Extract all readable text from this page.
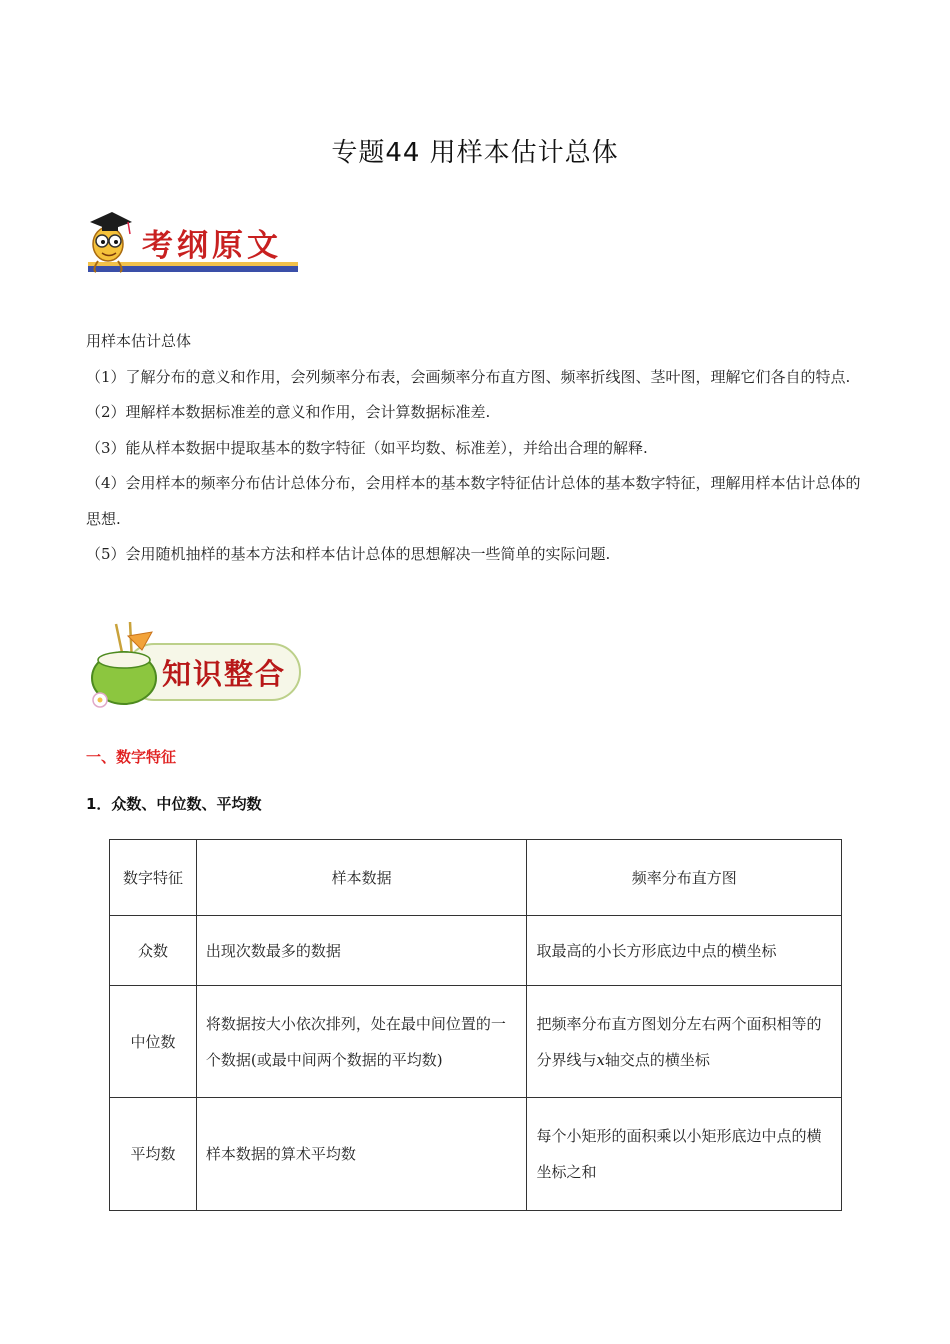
专题44 用样本估计总体
考纲原文

用样本估计总体

（1）了解分布的意义和作用，会列频率分布表，会画频率分布直方图、频率折线图、茎叶图，理解它们各自的特点.

（2）理解样本数据标准差的意义和作用，会计算数据标准差.

（3）能从样本数据中提取基本的数字特征（如平均数、标准差），并给出合理的解释.

（4）会用样本的频率分布估计总体分布，会用样本的基本数字特征估计总体的基本数字特征，理解用样本估计总体的思想.

（5）会用随机抽样的基本方法和样本估计总体的思想解决一些简单的实际问题.

知识整合
一、数字特征
1．众数、中位数、平均数
数字特征	样本数据	频率分布直方图
众数	出现次数最多的数据	取最高的小长方形底边中点的横坐标
中位数	将数据按大小依次排列，处在最中间位置的一个数据(或最中间两个数据的平均数)	把频率分布直方图划分左右两个面积相等的分界线与x轴交点的横坐标
平均数	样本数据的算术平均数	每个小矩形的面积乘以小矩形底边中点的横坐标之和
